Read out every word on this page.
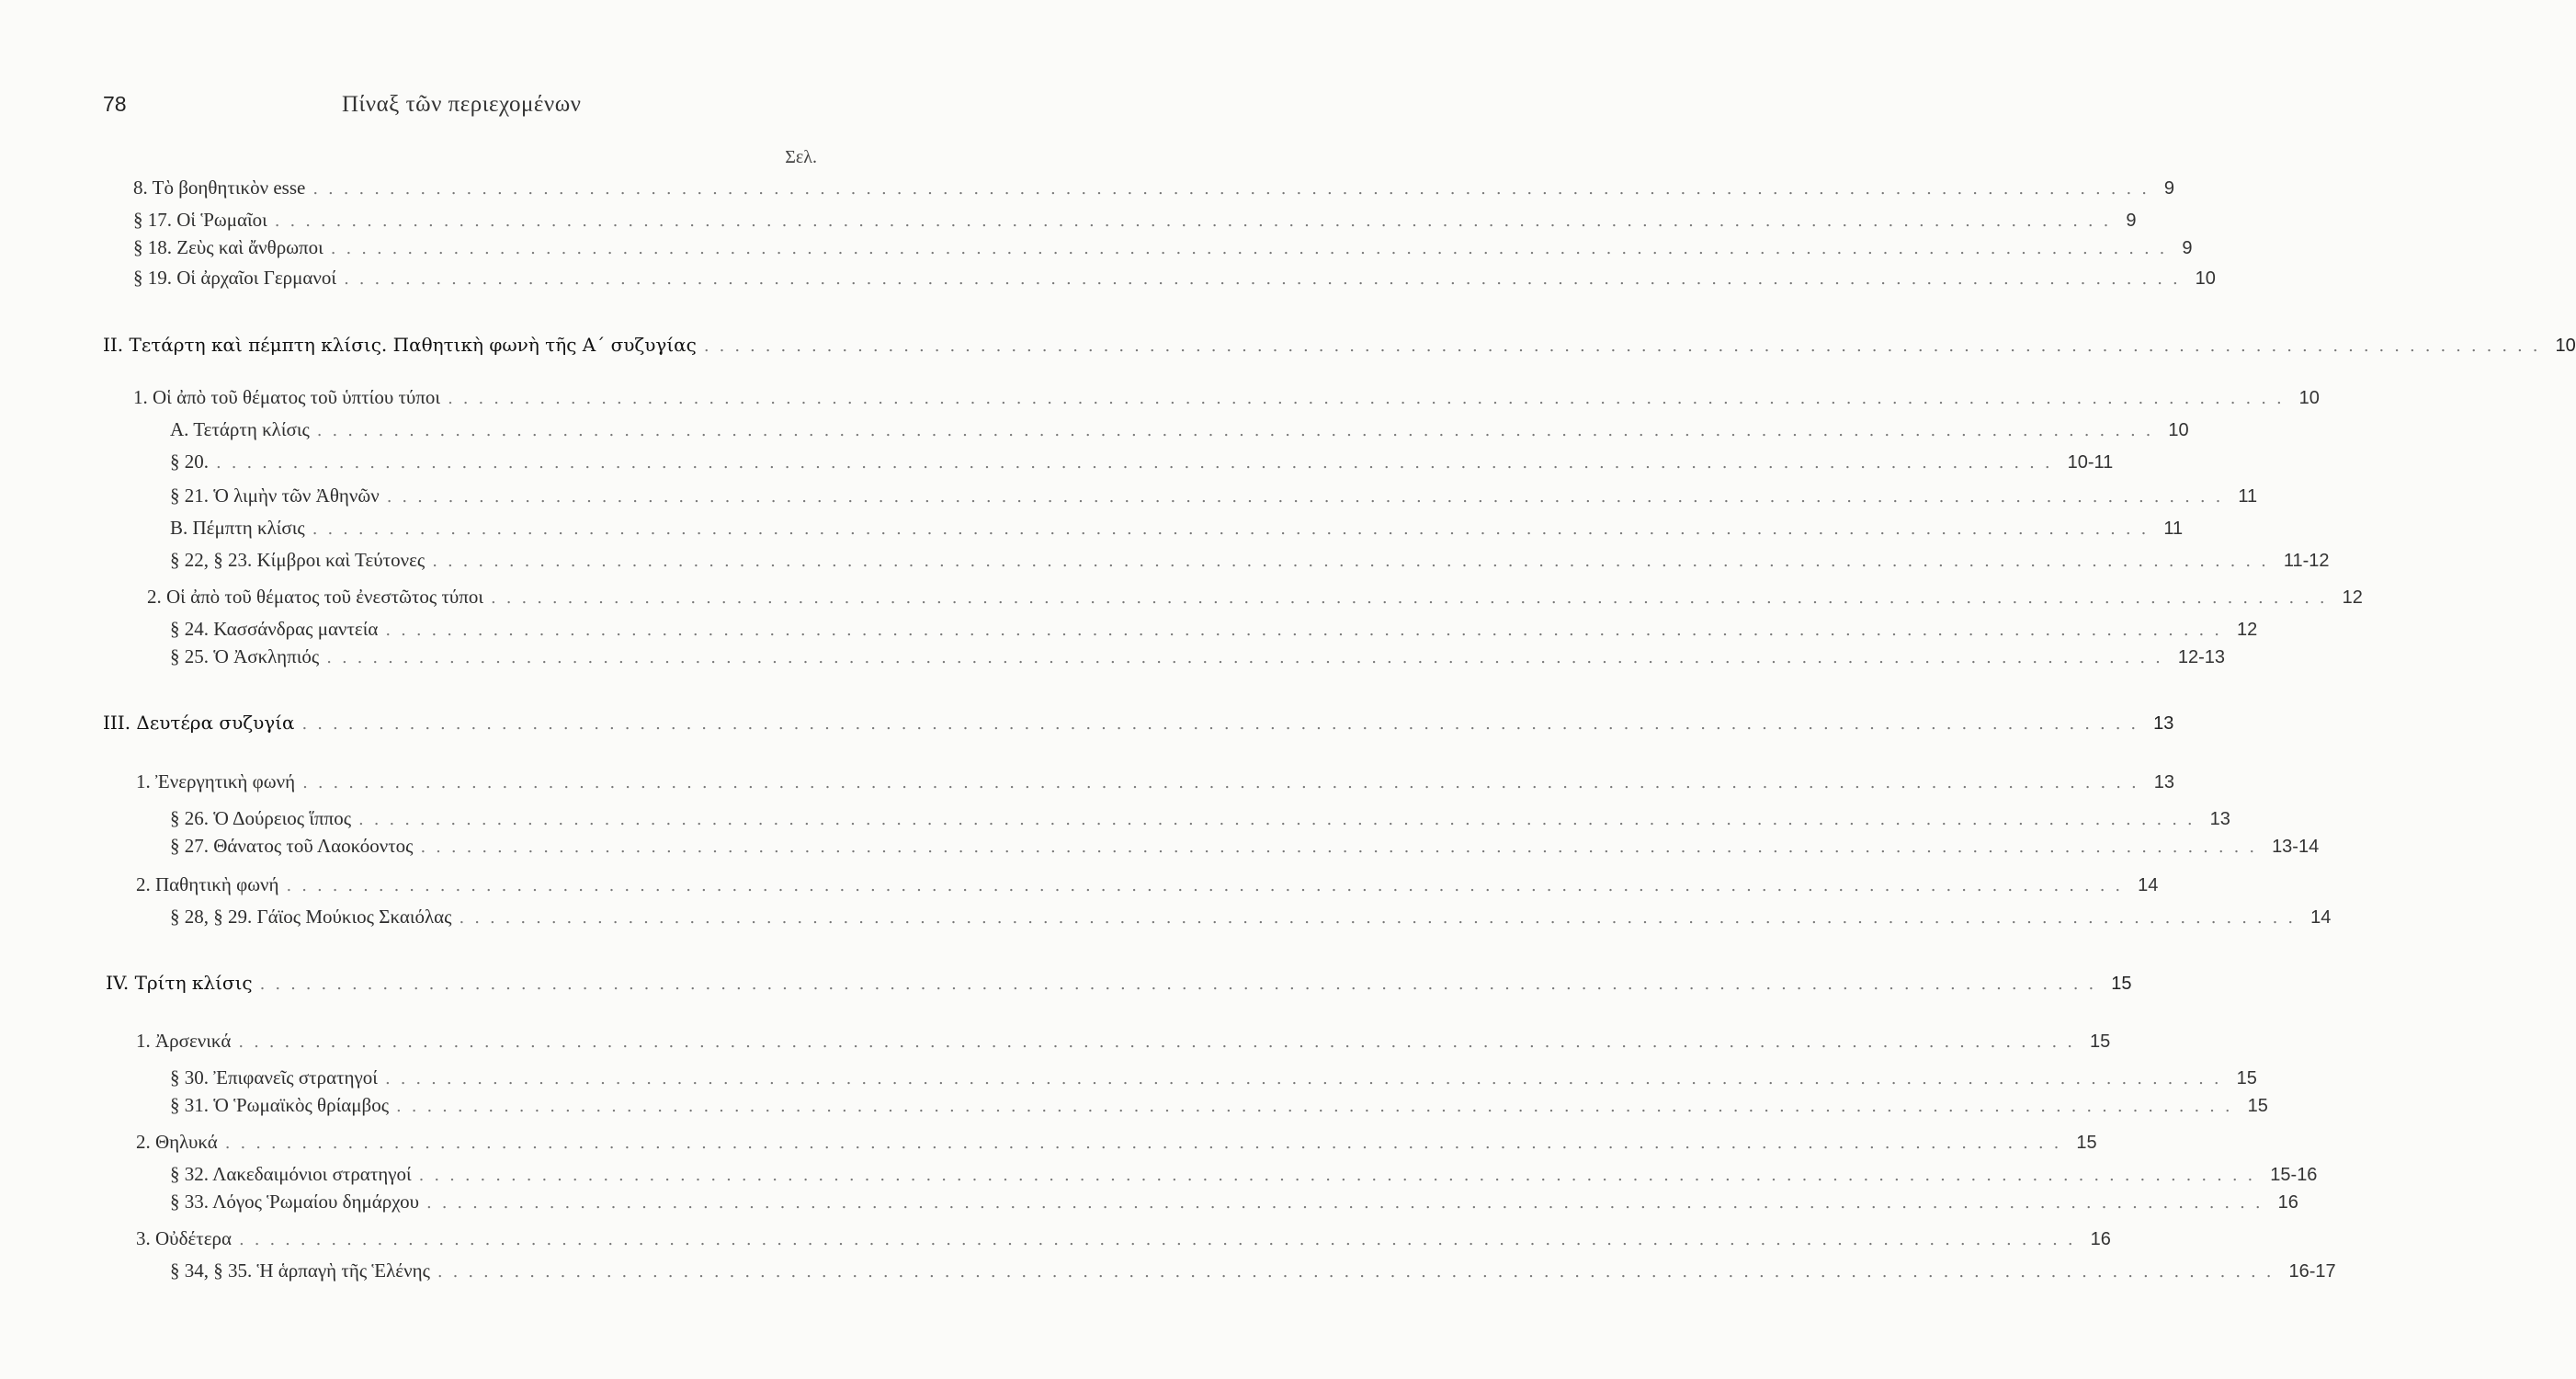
78	Πίναξ τῶν περιεχομένων
Σελ.
8. Τὸ βοηθητικὸν esse ........................................................................................................................ 9
§ 17. Οἱ Ῥωμαῖοι ........................................................................................................................ 9
§ 18. Ζεὺς καὶ ἄνθρωποι ........................................................................................................................ 9
§ 19. Οἱ ἀρχαῖοι Γερμανοί ........................................................................................................................ 10
II. Τετάρτη καὶ πέμπτη κλίσις. Παθητικὴ φωνὴ τῆς Α΄ συζυγίας ........................................................................................................................ 10
1. Οἱ ἀπὸ τοῦ θέματος τοῦ ὑπτίου τύποι ........................................................................................................................ 10
Α. Τετάρτη κλίσις ........................................................................................................................ 10
§ 20. ........................................................................................................................ 10-11
§ 21. Ὁ λιμὴν τῶν Ἀθηνῶν ........................................................................................................................ 11
Β. Πέμπτη κλίσις ........................................................................................................................ 11
§ 22, § 23. Κίμβροι καὶ Τεύτονες ........................................................................................................................ 11-12
2. Οἱ ἀπὸ τοῦ θέματος τοῦ ἐνεστῶτος τύποι ........................................................................................................................ 12
§ 24. Κασσάνδρας μαντεία ........................................................................................................................ 12
§ 25. Ὁ Ἀσκληπιός ........................................................................................................................ 12-13
III. Δευτέρα συζυγία ........................................................................................................................ 13
1. Ἐνεργητικὴ φωνή ........................................................................................................................ 13
§ 26. Ὁ Δούρειος ἵππος ........................................................................................................................ 13
§ 27. Θάνατος τοῦ Λαοκόοντος ........................................................................................................................ 13-14
2. Παθητικὴ φωνή ........................................................................................................................ 14
§ 28, § 29. Γάϊος Μούκιος Σκαιόλας ........................................................................................................................ 14
IV. Τρίτη κλίσις ........................................................................................................................ 15
1. Ἀρσενικά ........................................................................................................................ 15
§ 30. Ἐπιφανεῖς στρατηγοί ........................................................................................................................ 15
§ 31. Ὁ Ῥωμαϊκὸς θρίαμβος ........................................................................................................................ 15
2. Θηλυκά ........................................................................................................................ 15
§ 32. Λακεδαιμόνιοι στρατηγοί ........................................................................................................................ 15-16
§ 33. Λόγος Ῥωμαίου δημάρχου ........................................................................................................................ 16
3. Οὐδέτερα ........................................................................................................................ 16
§ 34, § 35. Ἡ ἁρπαγὴ τῆς Ἑλένης ........................................................................................................................ 16-17
